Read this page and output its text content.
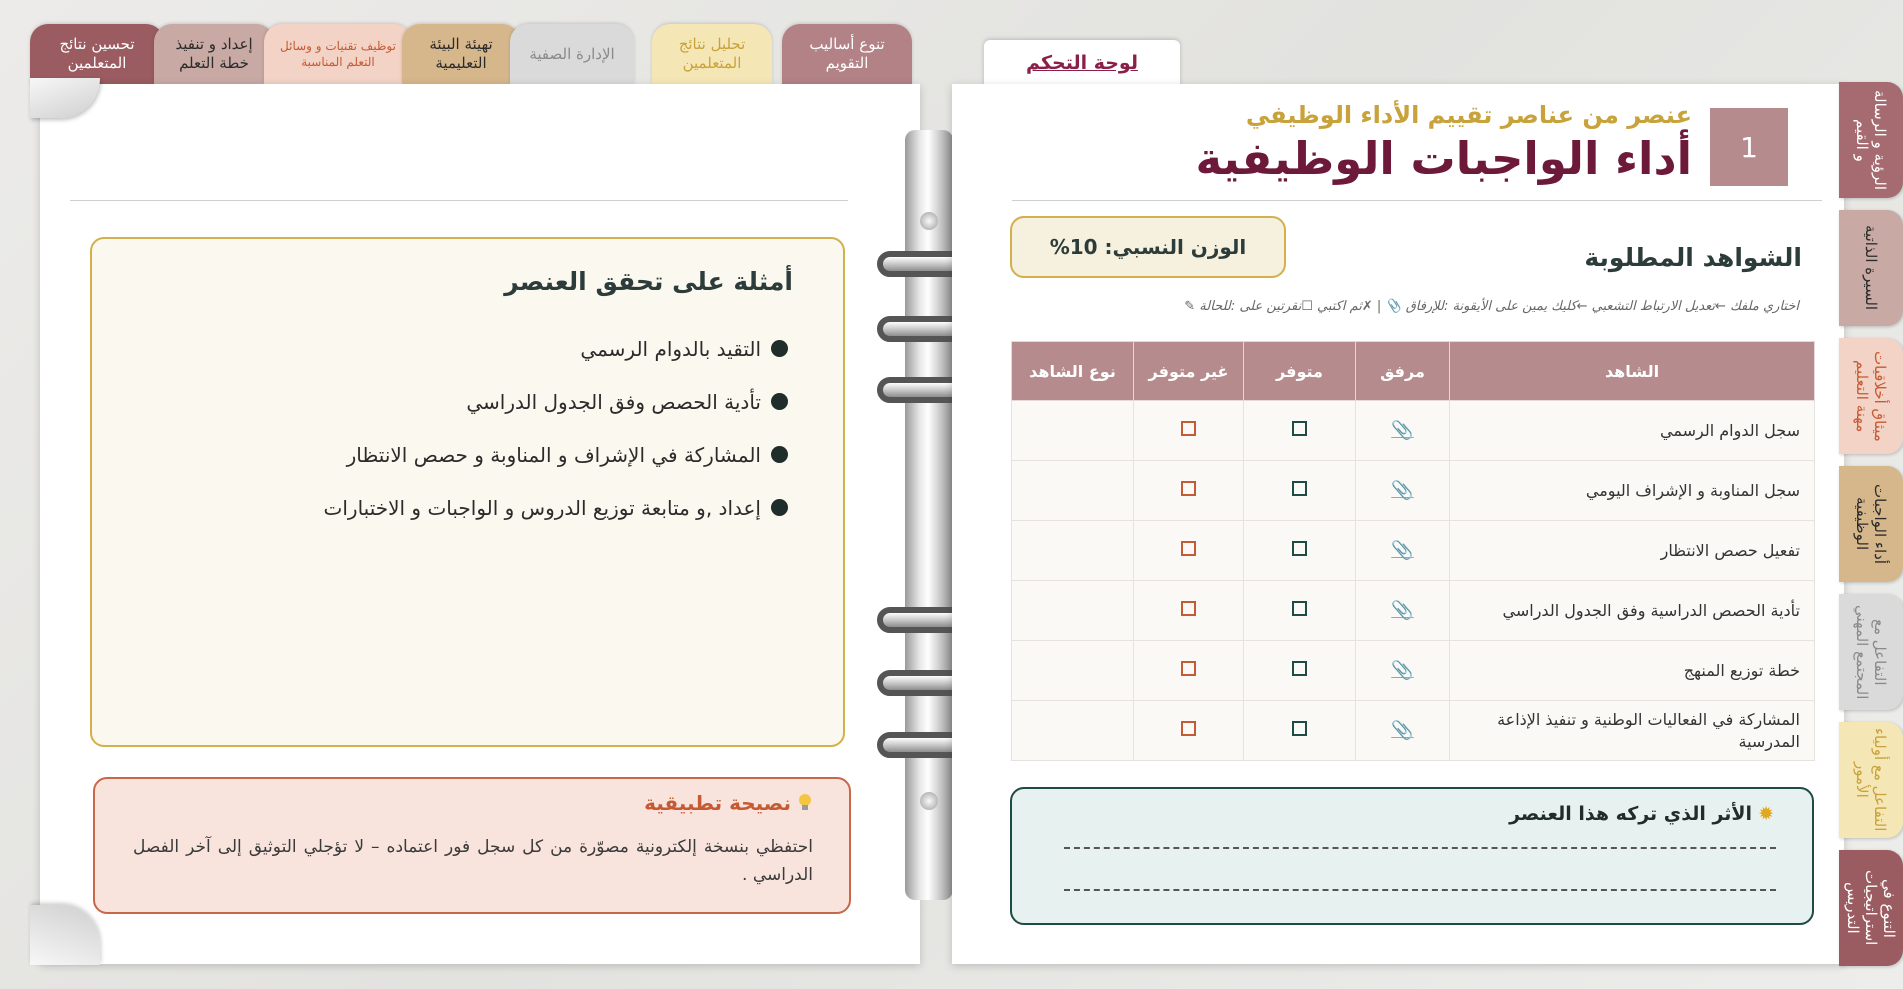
تحسين نتائج المتعلمين
إعداد و تنفيذ خطة التعلم
توظيف تقنيات و وسائل التعلم المناسبة
تهيئة البيئة التعليمية
الإدارة الصفية
تحليل نتائج المتعلمين
تنوع أساليب التقويم
أمثلة على تحقق العنصر
التقيد بالدوام الرسمي
تأدية الحصص وفق الجدول الدراسي
المشاركة في الإشراف و المناوبة و حصص الانتظار
إعداد ,و متابعة توزيع الدروس و الواجبات و الاختبارات
نصيحة تطبيقية
احتفظي بنسخة إلكترونية مصوّرة من كل سجل فور اعتماده – لا تؤجلي التوثيق إلى آخر الفصل الدراسي .
لوحة التحكم
1
عنصر من عناصر تقييم الأداء الوظيفي
أداء الواجبات الوظيفية
الوزن النسبي: 10%	الشواهد المطلوبة
اختاري ملفك ←تعديل الارتباط التشعبي ←كليك يمين على الأيقونة :للإرفاق 📎 | ✗ثم اكتبي ☐نقرتين على :للحالة ✎
الشاهد	مرفق	متوفر	غير متوفر	نوع الشاهد
سجل الدوام الرسمي	📎			
سجل المناوبة و الإشراف اليومي	📎			
تفعيل حصص الانتظار	📎			
تأدية الحصص الدراسية وفق الجدول الدراسي	📎			
خطة توزيع المنهج	📎			
المشاركة في الفعاليات الوطنية و تنفيذ الإذاعة المدرسية	📎			
✹الأثر الذي تركه هذا العنصر
الرؤية و الرسالة و القيم
السيرة الذاتية
ميثاق أخلاقيات مهنة التعليم
أداء الواجبات الوظيفية
التفاعل مع المجتمع المهني
التفاعل مع أولياء الأمور
التنوع في استراتيجيات التدريس
